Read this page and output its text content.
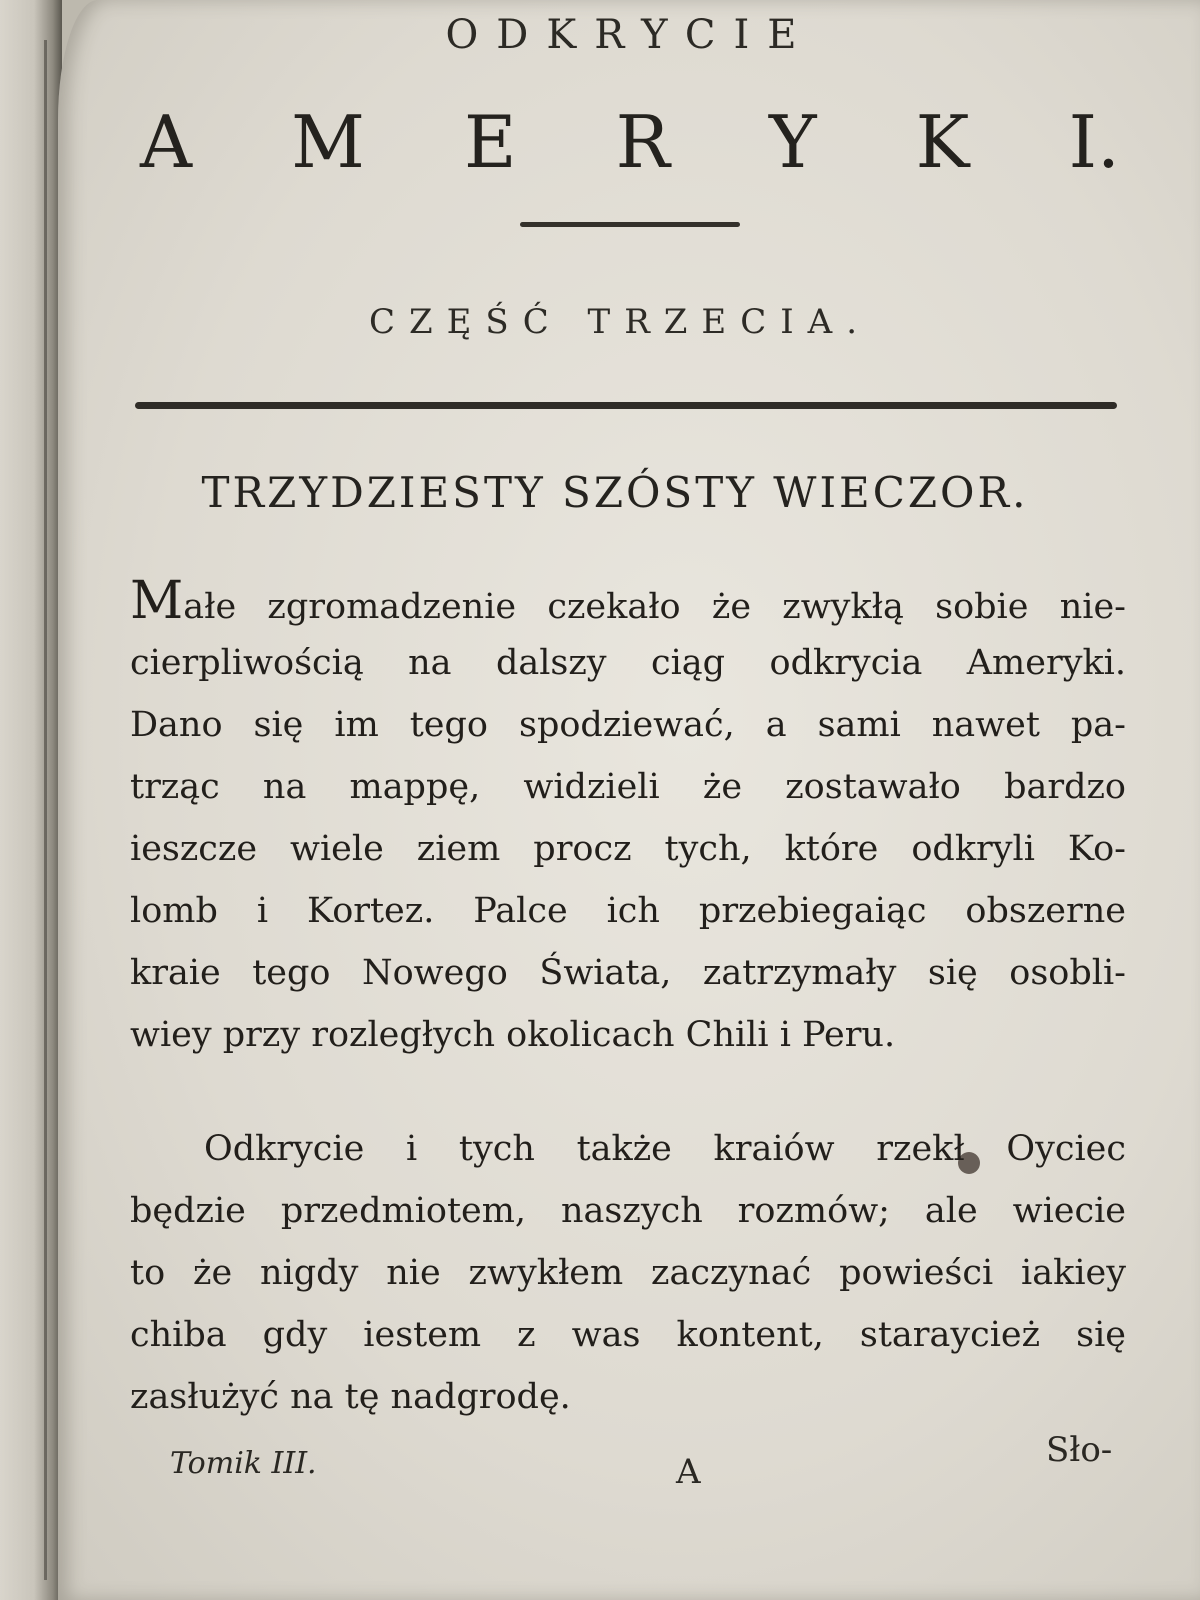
ODKRYCIE
A M E R Y K I.
CZĘŚĆ TRZECIA.
TRZYDZIESTY SZÓSTY WIECZOR.
Małe zgromadzenie czekało że zwykłą sobie nie-
cierpliwością na dalszy ciąg odkrycia Ameryki.
Dano się im tego spodziewać, a sami nawet pa-
trząc na mappę, widzieli że zostawało bardzo
ieszcze wiele ziem procz tych, które odkryli Ko-
lomb i Kortez. Palce ich przebiegaiąc obszerne
kraie tego Nowego Świata, zatrzymały się osobli-
wiey przy rozległych okolicach Chili i Peru.
Odkrycie i tych także kraiów rzekł Oyciec
będzie przedmiotem, naszych rozmów; ale wiecie
to że nigdy nie zwykłem zaczynać powieści iakiey
chiba gdy iestem z was kontent, staraycież się
zasłużyć na tę nadgrodę.
Tomik III.	A
Sło-
